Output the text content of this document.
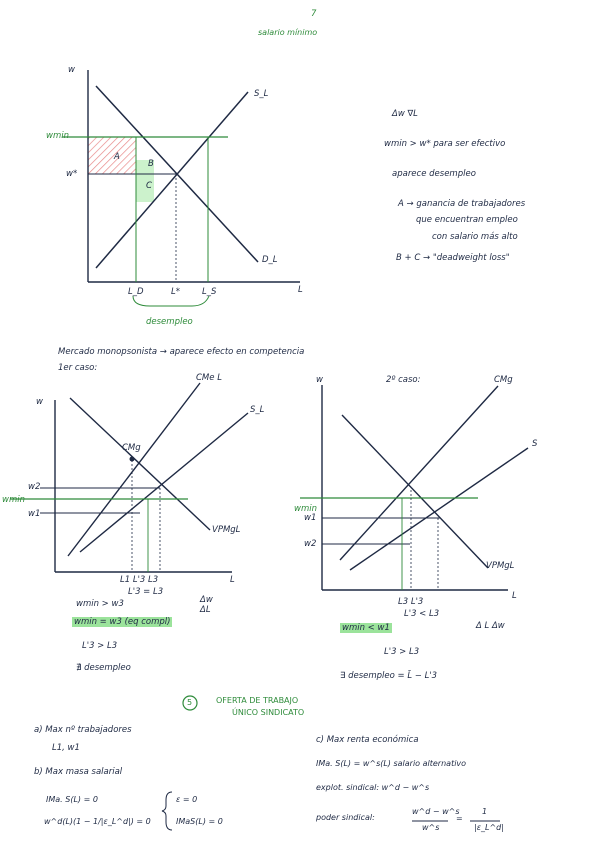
7
salario mínimo
w
L
S_L
D_L
wmin
w*
A
B
C
L_D	L*	L_S
desempleo
Δw ∇L
wmin > w* para ser efectivo
aparece desempleo
A → ganancia de trabajadores
que encuentran empleo
con salario más alto
B + C → "deadweight loss"
Mercado monopsonista → aparece efecto en competencia
1er caso:
w
L
CMe L
S_L
VPMgL
CMg
w2
wmin
w1
L1 L'3 L3
L'3 = L3
wmin > w3	Δw
ΔL
wmin = w3 (eq compl)
L'3 > L3
∄ desempleo
2º caso:
w
L
CMg
S
VPMgL
wmin
w1
w2
L3 L'3
L'3 < L3
wmin < w1	Δ L Δw
L'3 > L3
∃ desempleo = L̄ − L'3
5	OFERTA DE TRABAJO
ÚNICO SINDICATO
a) Max nº trabajadores
L1, w1
b) Max masa salarial
IMa. S(L) = 0
w^d(L)(1 − 1/|ε_L^d|) = 0
ε = 0
IMaS(L) = 0
c) Max renta económica
IMa. S(L) = w^s(L) salario alternativo
explot. sindical: w^d − w^s
poder sindical:
w^d − w^s
w^s
=
1
|ε_L^d|
